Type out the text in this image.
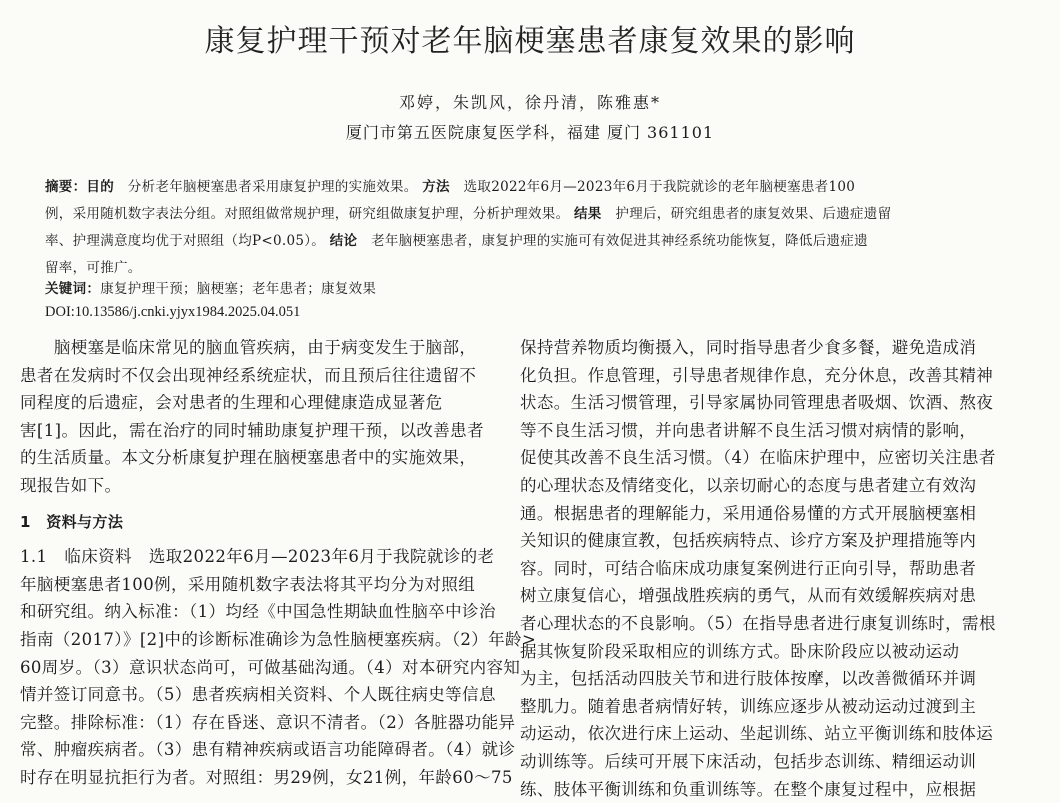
康复护理干预对老年脑梗塞患者康复效果的影响
邓婷，朱凯风，徐丹清，陈雅惠*
厦门市第五医院康复医学科，福建 厦门 361101
摘要：目的 分析老年脑梗塞患者采用康复护理的实施效果。 方法 选取2022年6月—2023年6月于我院就诊的老年脑梗塞患者100
例，采用随机数字表法分组。对照组做常规护理，研究组做康复护理，分析护理效果。 结果 护理后，研究组患者的康复效果、后遗症遗留
率、护理满意度均优于对照组（均P<0.05）。 结论 老年脑梗塞患者，康复护理的实施可有效促进其神经系统功能恢复，降低后遗症遗
留率，可推广。
关键词：康复护理干预；脑梗塞；老年患者；康复效果
DOI:10.13586/j.cnki.yjyx1984.2025.04.051
  脑梗塞是临床常见的脑血管疾病，由于病变发生于脑部，
患者在发病时不仅会出现神经系统症状，而且预后往往遗留不
同程度的后遗症，会对患者的生理和心理健康造成显著危
害[1]。因此，需在治疗的同时辅助康复护理干预，以改善患者
的生活质量。本文分析康复护理在脑梗塞患者中的实施效果，
现报告如下。
1　资料与方法
1.1　临床资料  选取2022年6月—2023年6月于我院就诊的老
年脑梗塞患者100例，采用随机数字表法将其平均分为对照组
和研究组。纳入标准：（1）均经《中国急性期缺血性脑卒中诊治
指南（2017）》[2]中的诊断标准确诊为急性脑梗塞疾病。（2）年龄>
60周岁。（3）意识状态尚可，可做基础沟通。（4）对本研究内容知
情并签订同意书。（5）患者疾病相关资料、个人既往病史等信息
完整。排除标准：（1）存在昏迷、意识不清者。（2）各脏器功能异
常、肿瘤疾病者。（3）患有精神疾病或语言功能障碍者。（4）就诊
时存在明显抗拒行为者。对照组：男29例，女21例，年龄60～75
保持营养物质均衡摄入，同时指导患者少食多餐，避免造成消
化负担。作息管理，引导患者规律作息，充分休息，改善其精神
状态。生活习惯管理，引导家属协同管理患者吸烟、饮酒、熬夜
等不良生活习惯，并向患者讲解不良生活习惯对病情的影响，
促使其改善不良生活习惯。（4）在临床护理中，应密切关注患者
的心理状态及情绪变化，以亲切耐心的态度与患者建立有效沟
通。根据患者的理解能力，采用通俗易懂的方式开展脑梗塞相
关知识的健康宣教，包括疾病特点、诊疗方案及护理措施等内
容。同时，可结合临床成功康复案例进行正向引导，帮助患者
树立康复信心，增强战胜疾病的勇气，从而有效缓解疾病对患
者心理状态的不良影响。（5）在指导患者进行康复训练时，需根
据其恢复阶段采取相应的训练方式。卧床阶段应以被动运动
为主，包括活动四肢关节和进行肢体按摩，以改善微循环并调
整肌力。随着患者病情好转，训练应逐步从被动运动过渡到主
动运动，依次进行床上运动、坐起训练、站立平衡训练和肢体运
动训练等。后续可开展下床活动，包括步态训练、精细运动训
练、肢体平衡训练和负重训练等。在整个康复过程中，应根据
